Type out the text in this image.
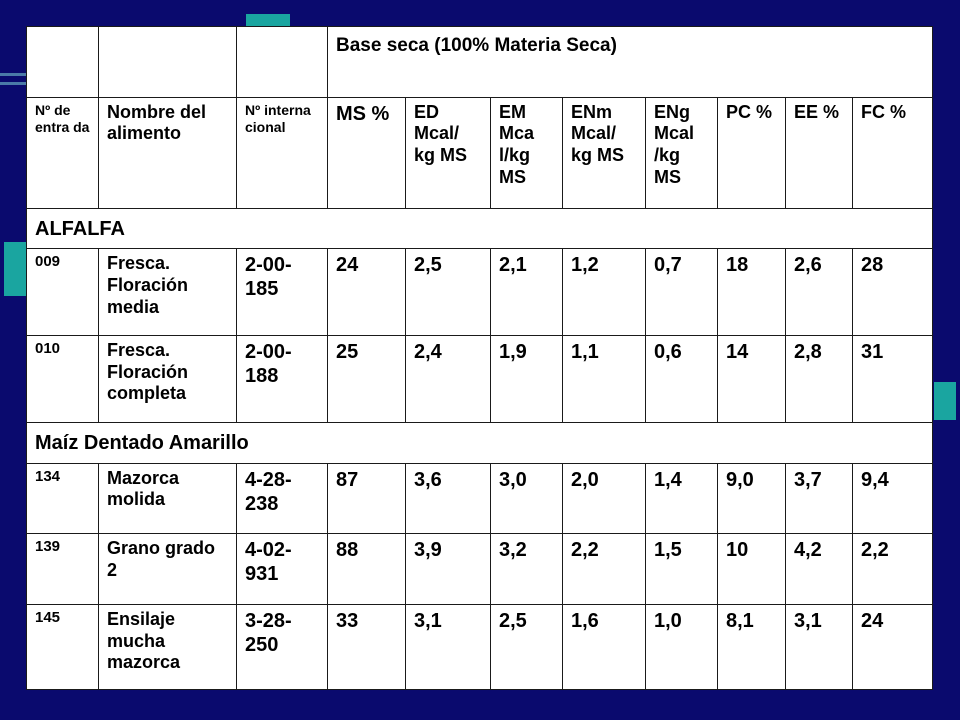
			Base seca (100% Materia Seca)							
Nº de entra da	Nombre del alimento	Nº interna cional	MS %	ED Mcal/ kg MS	EM Mca l/kg MS	ENm Mcal/ kg MS	ENg Mcal /kg MS	PC %	EE %	FC %
ALFALFA										
009	Fresca. Floración media	2-00-185	24	2,5	2,1	1,2	0,7	18	2,6	28
010	Fresca. Floración completa	2-00-188	25	2,4	1,9	1,1	0,6	14	2,8	31
Maíz Dentado Amarillo										
134	Mazorca molida	4-28-238	87	3,6	3,0	2,0	1,4	9,0	3,7	9,4
139	Grano grado 2	4-02-931	88	3,9	3,2	2,2	1,5	10	4,2	2,2
145	Ensilaje mucha mazorca	3-28-250	33	3,1	2,5	1,6	1,0	8,1	3,1	24
